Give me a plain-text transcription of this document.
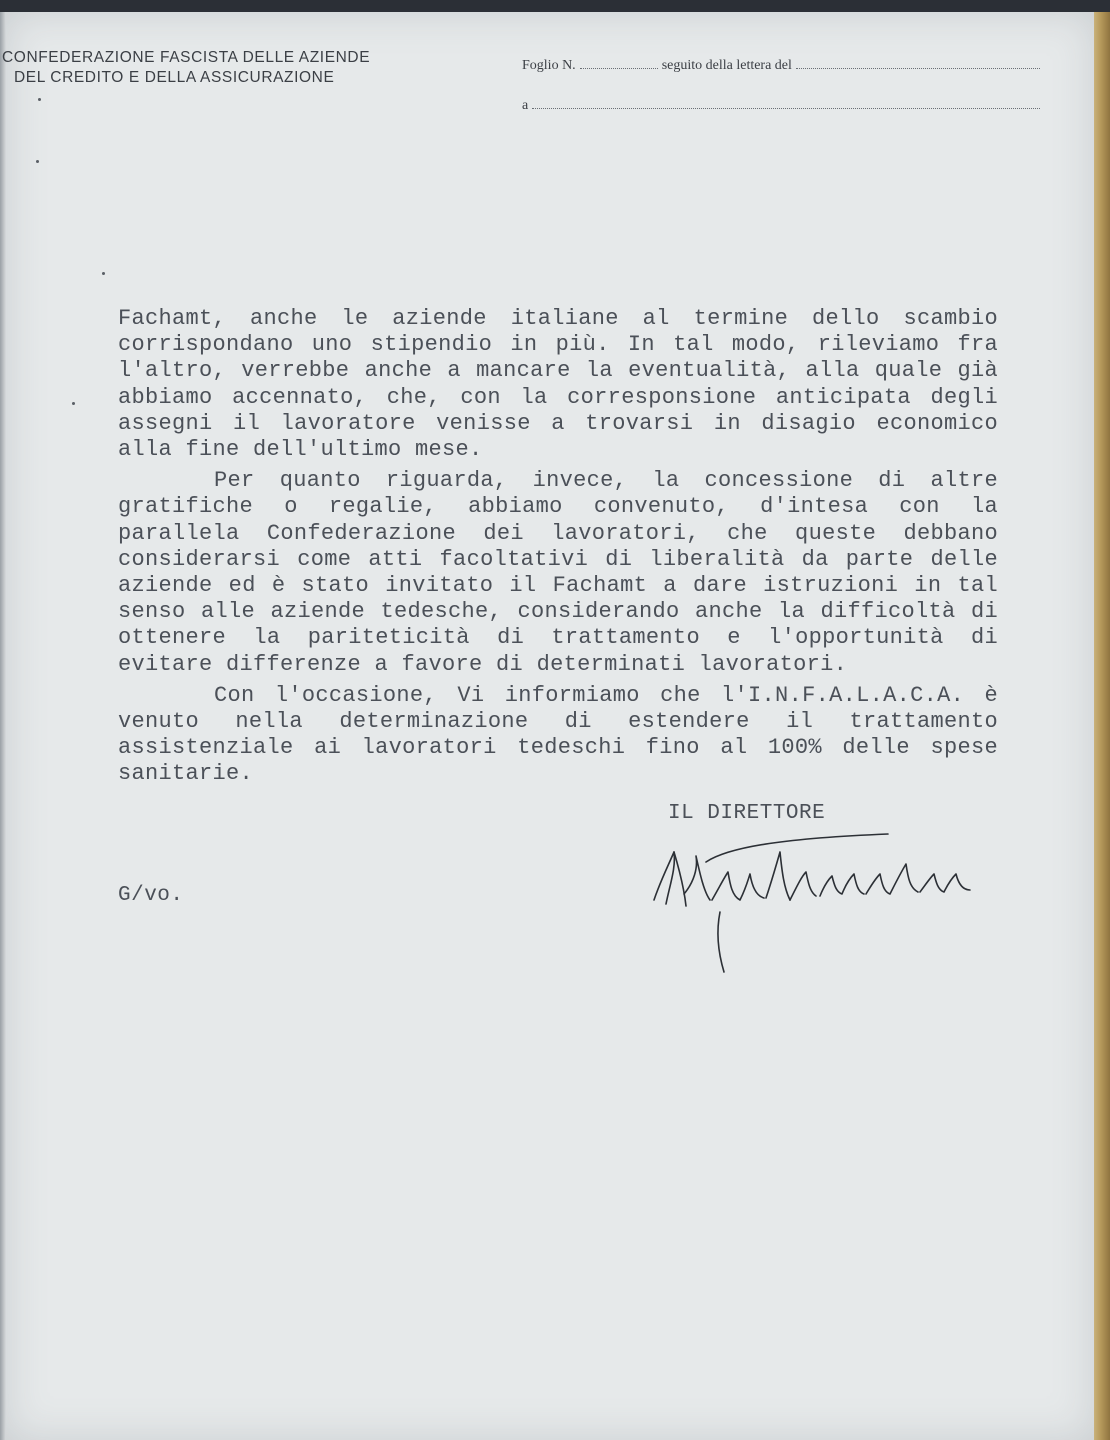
CONFEDERAZIONE FASCISTA DELLE AZIENDE
DEL CREDITO E DELLA ASSICURAZIONE
Foglio N.	seguito della lettera del
a

Fachamt, anche le aziende italiane al termine dello scambio corrispondano uno stipendio in più. In tal modo, rileviamo fra l'altro, verrebbe anche a mancare la eventualità, alla quale già abbiamo accennato, che, con la corresponsione anticipata degli assegni il lavoratore venisse a trovarsi in disagio economico alla fine dell'ultimo mese.

Per quanto riguarda, invece, la concessione di altre gratifiche o regalie, abbiamo convenuto, d'intesa con la parallela Confederazione dei lavoratori, che queste debbano considerarsi come atti facoltativi di liberalità da parte delle aziende ed è stato invitato il Fachamt a dare istruzioni in tal senso alle aziende tedesche, considerando anche la difficoltà di ottenere la pariteticità di trattamento e l'opportunità di evitare differenze a favore di determinati lavoratori.

Con l'occasione, Vi informiamo che l'I.N.F.A.L.A.C.A. è venuto nella determinazione di estendere il trattamento assistenziale ai lavoratori tedeschi fino al 100% delle spese sanitarie.

IL DIRETTORE
G/vo.
